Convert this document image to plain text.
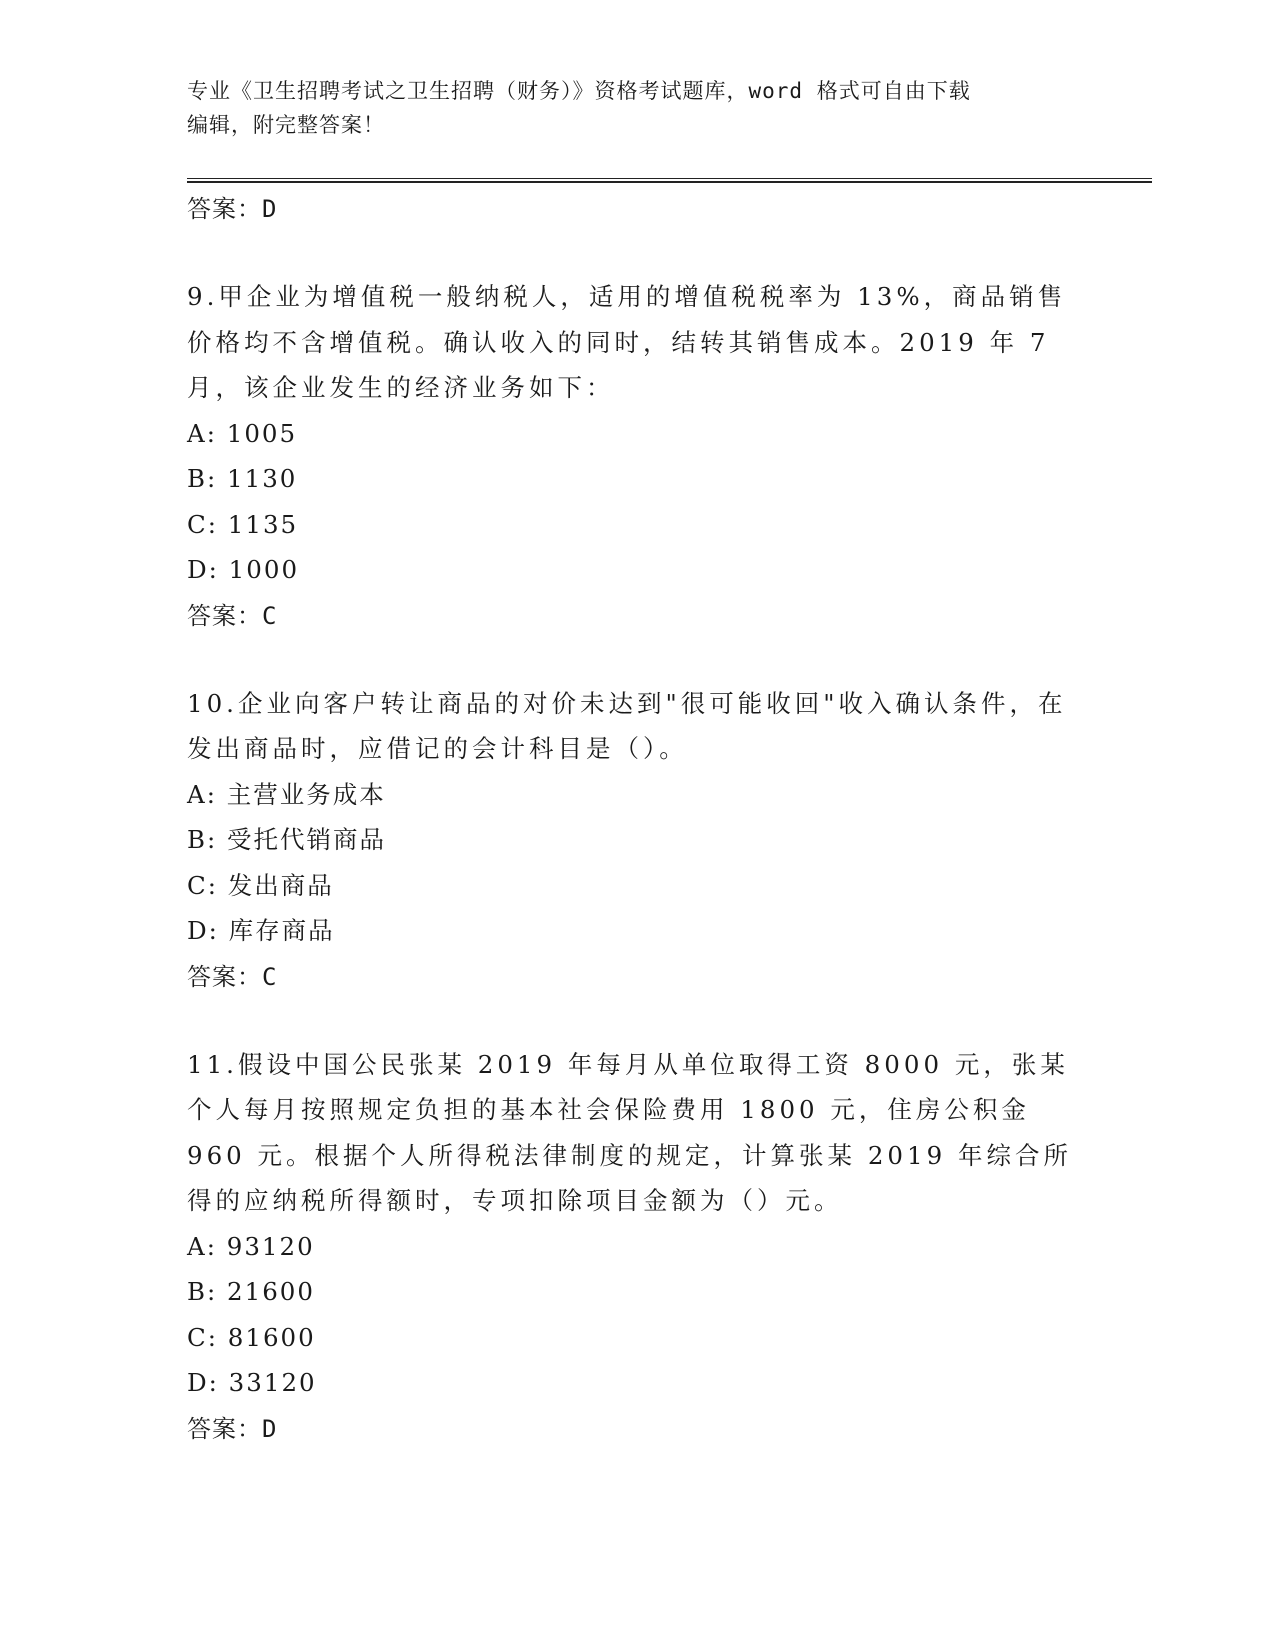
专业《卫生招聘考试之卫生招聘（财务）》资格考试题库，word 格式可自由下载
编辑，附完整答案！
答案：D
9.甲企业为增值税一般纳税人，适用的增值税税率为 13%，商品销售价格均不含增值税。确认收入的同时，结转其销售成本。2019 年 7 月，该企业发生的经济业务如下：
A: 1005
B: 1130
C: 1135
D: 1000
答案：C
10.企业向客户转让商品的对价未达到"很可能收回"收入确认条件，在发出商品时，应借记的会计科目是（）。
A: 主营业务成本
B: 受托代销商品
C: 发出商品
D: 库存商品
答案：C
11.假设中国公民张某 2019 年每月从单位取得工资 8000 元，张某个人每月按照规定负担的基本社会保险费用 1800 元，住房公积金 960 元。根据个人所得税法律制度的规定，计算张某 2019 年综合所得的应纳税所得额时，专项扣除项目金额为（）元。
A: 93120
B: 21600
C: 81600
D: 33120
答案：D
